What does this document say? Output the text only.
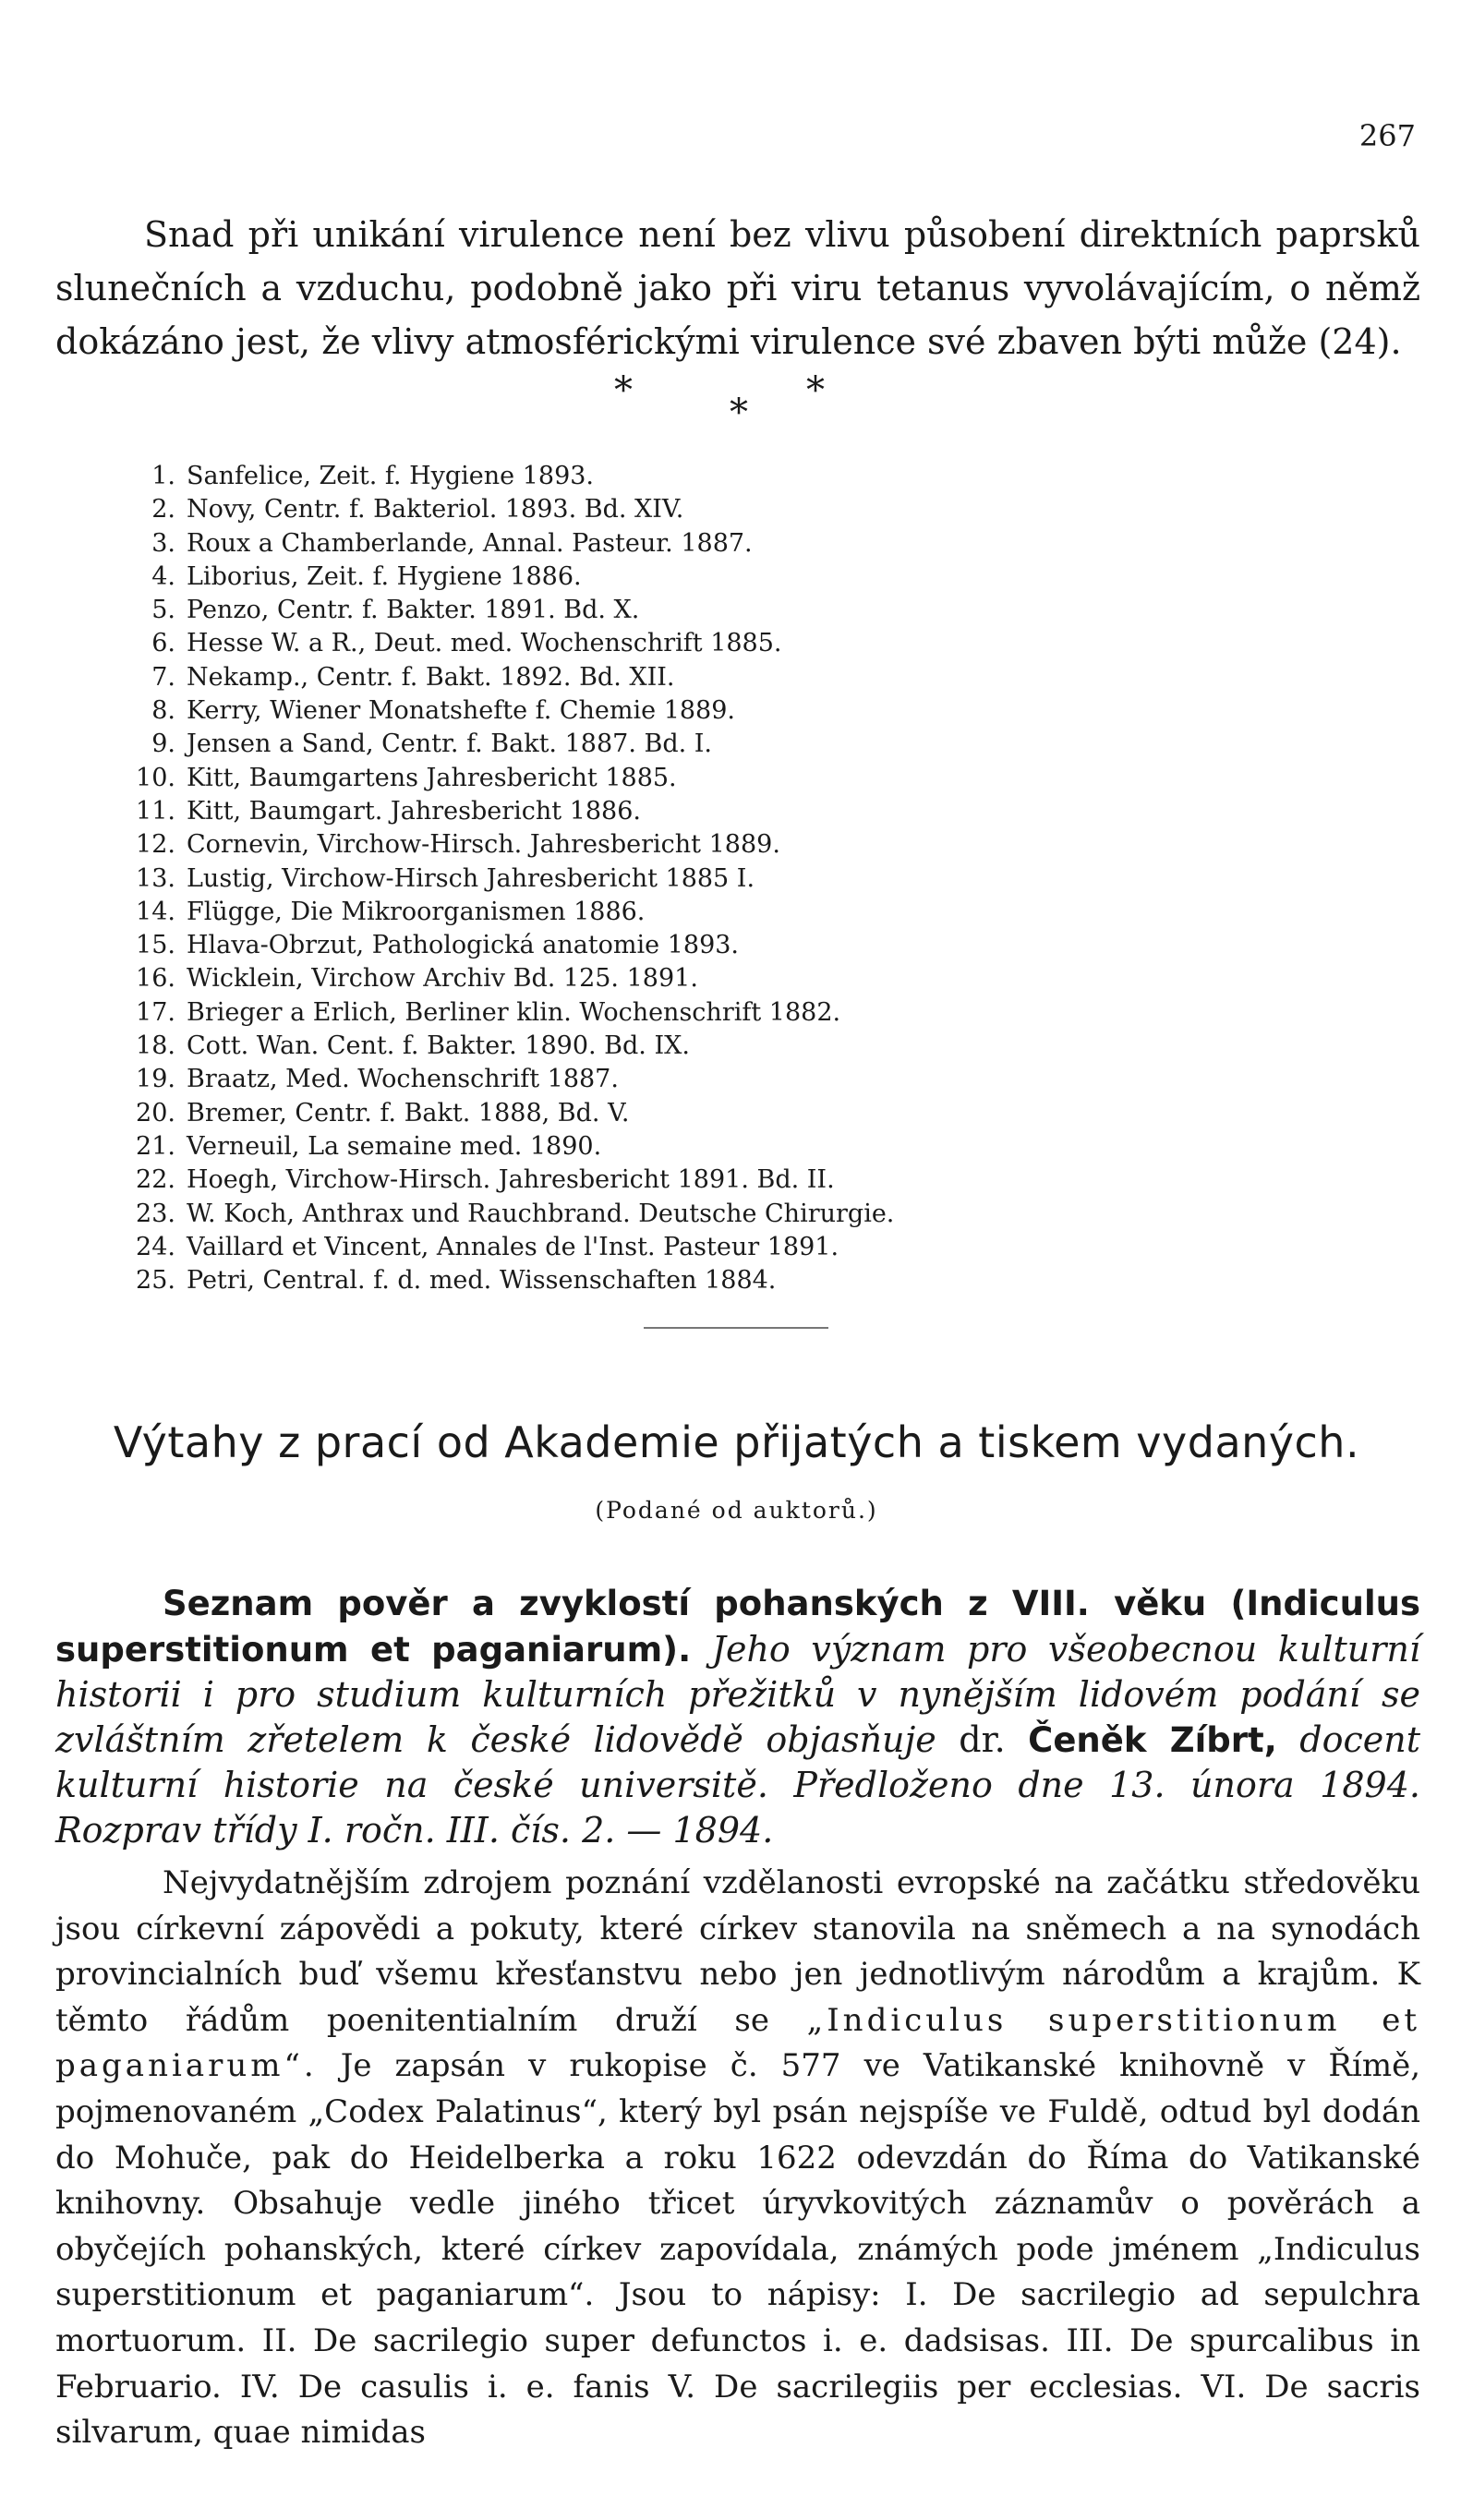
267

Snad při unikání virulence není bez vlivu působení direktních paprsků slunečních a vzduchu, podobně jako při viru tetanus vyvolávajícím, o němž dokázáno jest, že vlivy atmosférickými virulence své zbaven býti může (24).

*
*
*
1. Sanfelice, Zeit. f. Hygiene 1893.
2. Novy, Centr. f. Bakteriol. 1893. Bd. XIV.
3. Roux a Chamberlande, Annal. Pasteur. 1887.
4. Liborius, Zeit. f. Hygiene 1886.
5. Penzo, Centr. f. Bakter. 1891. Bd. X.
6. Hesse W. a R., Deut. med. Wochenschrift 1885.
7. Nekamp., Centr. f. Bakt. 1892. Bd. XII.
8. Kerry, Wiener Monatshefte f. Chemie 1889.
9. Jensen a Sand, Centr. f. Bakt. 1887. Bd. I.
10. Kitt, Baumgartens Jahresbericht 1885.
11. Kitt, Baumgart. Jahresbericht 1886.
12. Cornevin, Virchow-Hirsch. Jahresbericht 1889.
13. Lustig, Virchow-Hirsch Jahresbericht 1885 I.
14. Flügge, Die Mikroorganismen 1886.
15. Hlava-Obrzut, Pathologická anatomie 1893.
16. Wicklein, Virchow Archiv Bd. 125. 1891.
17. Brieger a Erlich, Berliner klin. Wochenschrift 1882.
18. Cott. Wan. Cent. f. Bakter. 1890. Bd. IX.
19. Braatz, Med. Wochenschrift 1887.
20. Bremer, Centr. f. Bakt. 1888, Bd. V.
21. Verneuil, La semaine med. 1890.
22. Hoegh, Virchow-Hirsch. Jahresbericht 1891. Bd. II.
23. W. Koch, Anthrax und Rauchbrand. Deutsche Chirurgie.
24. Vaillard et Vincent, Annales de l'Inst. Pasteur 1891.
25. Petri, Central. f. d. med. Wissenschaften 1884.
Výtahy z prací od Akademie přijatých a tiskem vydaných.
(Podané od auktorů.)
Seznam pověr a zvyklostí pohanských z VIII. věku (Indiculus superstitionum et paganiarum). Jeho význam pro všeobecnou kulturní historii i pro studium kulturních přežitků v nynějším lidovém podání se zvláštním zřetelem k české lidovědě objasňuje dr. Čeněk Zíbrt, docent kulturní historie na české universitě. Předloženo dne 13. února 1894. Rozprav třídy I. ročn. III. čís. 2. — 1894.

Nejvydatnějším zdrojem poznání vzdělanosti evropské na začátku středověku jsou církevní zápovědi a pokuty, které církev stanovila na sněmech a na synodách provincialních buď všemu křesťanstvu nebo jen jednotlivým národům a krajům. K těmto řádům poenitentialním druží se „Indiculus superstitionum et paganiarum“. Je zapsán v rukopise č. 577 ve Vatikanské knihovně v Římě, pojmenovaném „Codex Palatinus“, který byl psán nejspíše ve Fuldě, odtud byl dodán do Mohuče, pak do Heidelberka a roku 1622 odevzdán do Říma do Vatikanské knihovny. Obsahuje vedle jiného třicet úryvkovitých záznamův o pověrách a obyčejích pohanských, které církev zapovídala, známých pode jménem „Indiculus superstitionum et paganiarum“. Jsou to nápisy: I. De sacrilegio ad sepulchra mortuorum. II. De sacrilegio super defunctos i. e. dadsisas. III. De spurcalibus in Februario. IV. De casulis i. e. fanis V. De sacrilegiis per ecclesias. VI. De sacris silvarum, quae nimidas
